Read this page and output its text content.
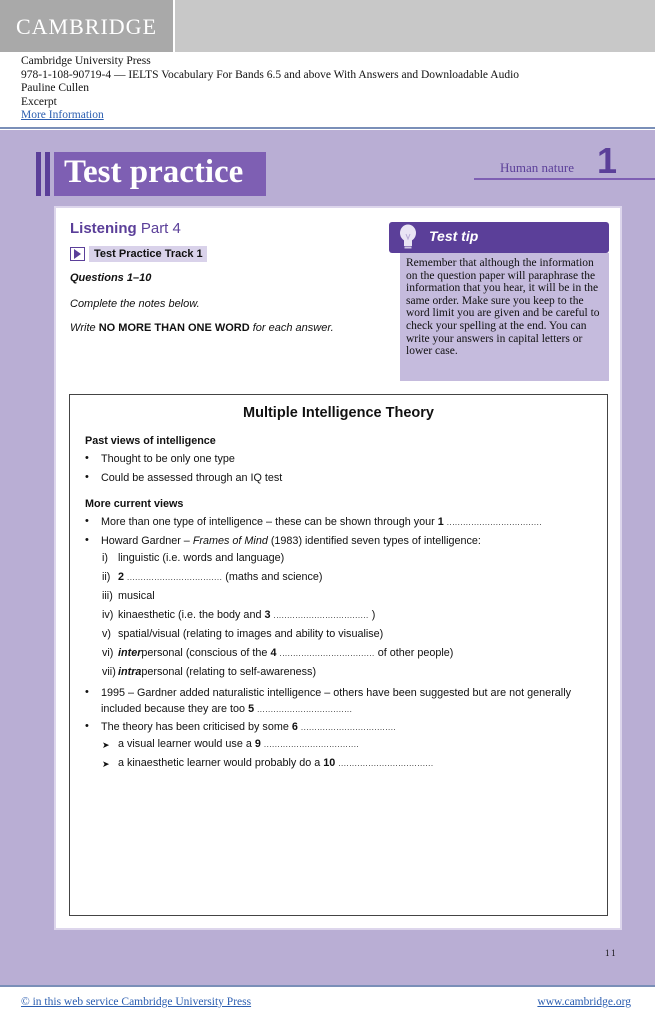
CAMBRIDGE
Cambridge University Press
978-1-108-90719-4 — IELTS Vocabulary For Bands 6.5 and above With Answers and Downloadable Audio
Pauline Cullen
Excerpt
More Information
Test practice	Human nature 1
Listening Part 4
Test Practice Track 1
Questions 1–10
Complete the notes below.
Write NO MORE THAN ONE WORD for each answer.
Test tip
Remember that although the information on the question paper will paraphrase the information that you hear, it will be in the same order. Make sure you keep to the word limit you are given and be careful to check your spelling at the end. You can write your answers in capital letters or lower case.
Multiple Intelligence Theory
Past views of intelligence
• Thought to be only one type
• Could be assessed through an IQ test
More current views
• More than one type of intelligence – these can be shown through your 1 ...................................
• Howard Gardner – Frames of Mind (1983) identified seven types of intelligence:
i) linguistic (i.e. words and language)
ii) 2 ................................... (maths and science)
iii) musical
iv) kinaesthetic (i.e. the body and 3 ................................... )
v) spatial/visual (relating to images and ability to visualise)
vi) interpersonal (conscious of the 4 ................................... of other people)
vii) intrapersonal (relating to self-awareness)
• 1995 – Gardner added naturalistic intelligence – others have been suggested but are not generally
included because they are too 5 ...................................
• The theory has been criticised by some 6 ...................................
➤ a visual learner would use a 9 ...................................
➤ a kinaesthetic learner would probably do a 10 ...................................
11
© in this web service Cambridge University Press	www.cambridge.org
